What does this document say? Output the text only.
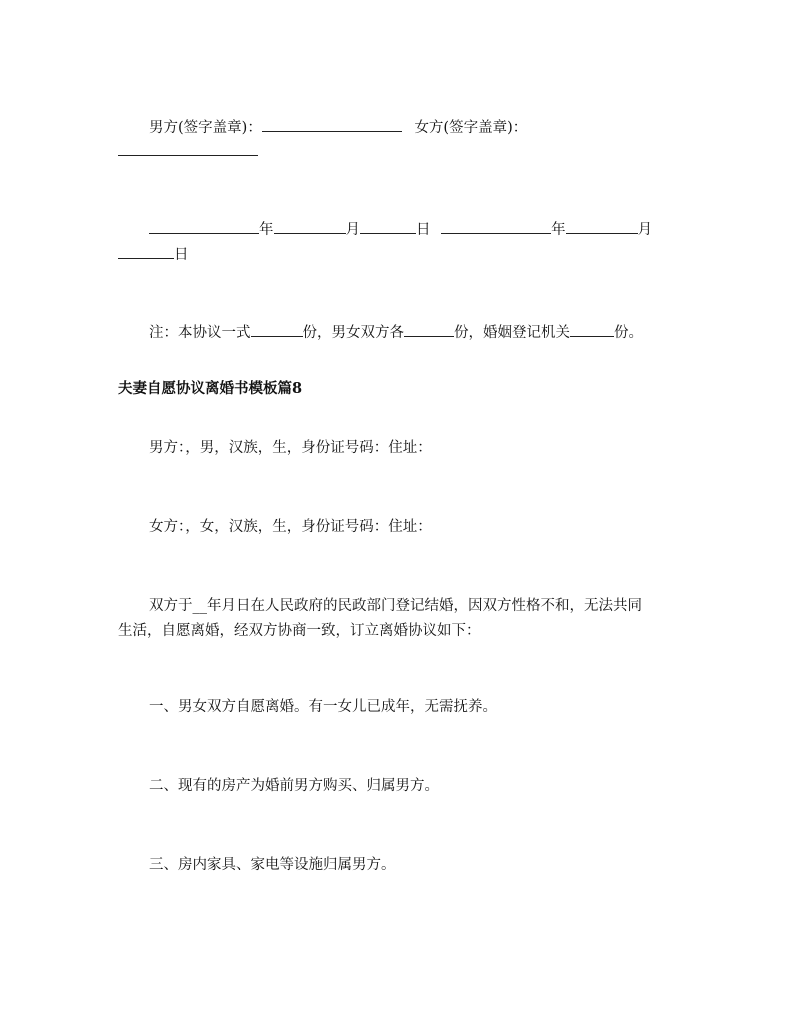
男方(签字盖章)：	女方(签字盖章)：
年	月	日	年	月
日
注：本协议一式	份，男女双方各	份，婚姻登记机关	份。
夫妻自愿协议离婚书模板篇8
男方：，男，汉族，生，身份证号码：住址：
女方：，女，汉族，生，身份证号码：住址：
双方于__年月日在人民政府的民政部门登记结婚，因双方性格不和，无法共同
生活，自愿离婚，经双方协商一致，订立离婚协议如下：
一、男女双方自愿离婚。有一女儿已成年，无需抚养。
二、现有的房产为婚前男方购买、归属男方。
三、房内家具、家电等设施归属男方。
